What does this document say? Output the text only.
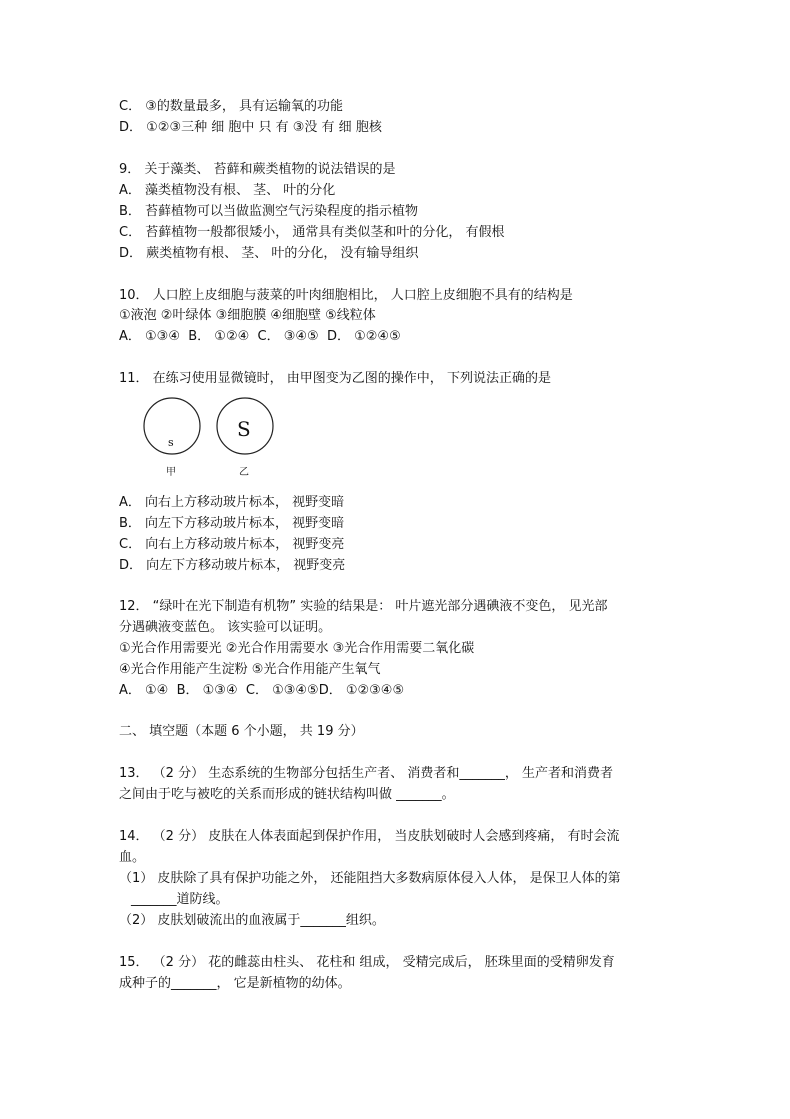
C． ③的数量最多， 具有运输氧的功能
D． ①②③三种 细 胞中 只 有 ③没 有 细 胞核
9． 关于藻类、 苔藓和蕨类植物的说法错误的是
A． 藻类植物没有根、 茎、 叶的分化
B． 苔藓植物可以当做监测空气污染程度的指示植物
C． 苔藓植物一般都很矮小， 通常具有类似茎和叶的分化， 有假根
D． 蕨类植物有根、 茎、 叶的分化， 没有输导组织
10． 人口腔上皮细胞与菠菜的叶肉细胞相比， 人口腔上皮细胞不具有的结构是
①液泡 ②叶绿体 ③细胞膜 ④细胞壁 ⑤线粒体
A． ①③④  B． ①②④  C． ③④⑤  D． ①②④⑤
11． 在练习使用显微镜时， 由甲图变为乙图的操作中， 下列说法正确的是
s
S
甲	乙
A． 向右上方移动玻片标本， 视野变暗
B． 向左下方移动玻片标本， 视野变暗
C． 向右上方移动玻片标本， 视野变亮
D． 向左下方移动玻片标本， 视野变亮
12． “绿叶在光下制造有机物” 实验的结果是： 叶片遮光部分遇碘液不变色， 见光部
分遇碘液变蓝色。 该实验可以证明。
①光合作用需要光 ②光合作用需要水 ③光合作用需要二氧化碳
④光合作用能产生淀粉 ⑤光合作用能产生氧气
A． ①④  B． ①③④  C． ①③④⑤D． ①②③④⑤
二、 填空题（本题 6 个小题， 共 19 分）
13． （2 分） 生态系统的生物部分包括生产者、 消费者和_______， 生产者和消费者
之间由于吃与被吃的关系而形成的链状结构叫做 _______。
14． （2 分） 皮肤在人体表面起到保护作用， 当皮肤划破时人会感到疼痛， 有时会流
血。
（1） 皮肤除了具有保护功能之外， 还能阻挡大多数病原体侵入人体， 是保卫人体的第
_______道防线。
（2） 皮肤划破流出的血液属于_______组织。
15． （2 分） 花的雌蕊由柱头、 花柱和 组成， 受精完成后， 胚珠里面的受精卵发育
成种子的_______， 它是新植物的幼体。
